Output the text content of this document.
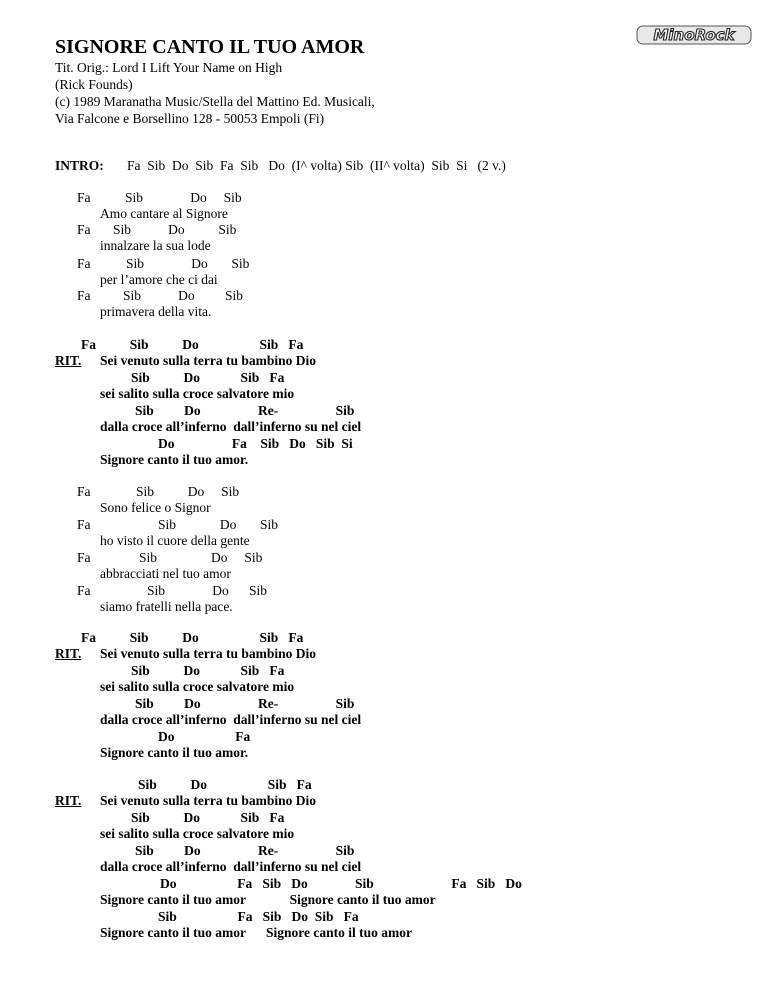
SIGNORE CANTO IL TUO AMOR
MinoRock
Tit. Orig.: Lord I Lift Your Name on High
(Rick Founds)
(c) 1989 Maranatha Music/Stella del Mattino Ed. Musicali,
Via Falcone e Borsellino 128 - 50053 Empoli (Fi)
INTRO: Fa  Sib  Do  Sib  Fa  Sib   Do  (I^ volta) Sib  (II^ volta)  Sib  Si   (2 v.)
Fa	Sib              Do     Sib
Amo cantare al Signore
Fa Sib           Do          Sib
innalzare la sua lode
Fa	Sib              Do       Sib
per l’amore che ci dai
Fa Sib           Do         Sib
primavera della vita.
Fa          Sib          Do                  Sib   Fa
RIT. Sei venuto sulla terra tu bambino Dio
Sib          Do            Sib   Fa
sei salito sulla croce salvatore mio
Sib         Do                 Re-                 Sib
dalla croce all’inferno  dall’inferno su nel ciel
Do                 Fa    Sib   Do   Sib  Si
Signore canto il tuo amor.
Fa	Sib          Do     Sib
Sono felice o Signor
Fa	Sib             Do       Sib
ho visto il cuore della gente
Fa	Sib                Do     Sib
abbracciati nel tuo amor
Fa	Sib              Do      Sib
siamo fratelli nella pace.
Fa          Sib          Do                  Sib   Fa
RIT. Sei venuto sulla terra tu bambino Dio
Sib          Do            Sib   Fa
sei salito sulla croce salvatore mio
Sib         Do                 Re-                 Sib
dalla croce all’inferno  dall’inferno su nel ciel
Do                  Fa
Signore canto il tuo amor.
Sib          Do                  Sib   Fa
RIT. Sei venuto sulla terra tu bambino Dio
Sib          Do            Sib   Fa
sei salito sulla croce salvatore mio
Sib         Do                 Re-                 Sib
dalla croce all’inferno  dall’inferno su nel ciel
Do                  Fa   Sib   Do              Sib                       Fa   Sib   Do
Signore canto il tuo amor             Signore canto il tuo amor
Sib                  Fa   Sib   Do  Sib   Fa
Signore canto il tuo amor      Signore canto il tuo amor
